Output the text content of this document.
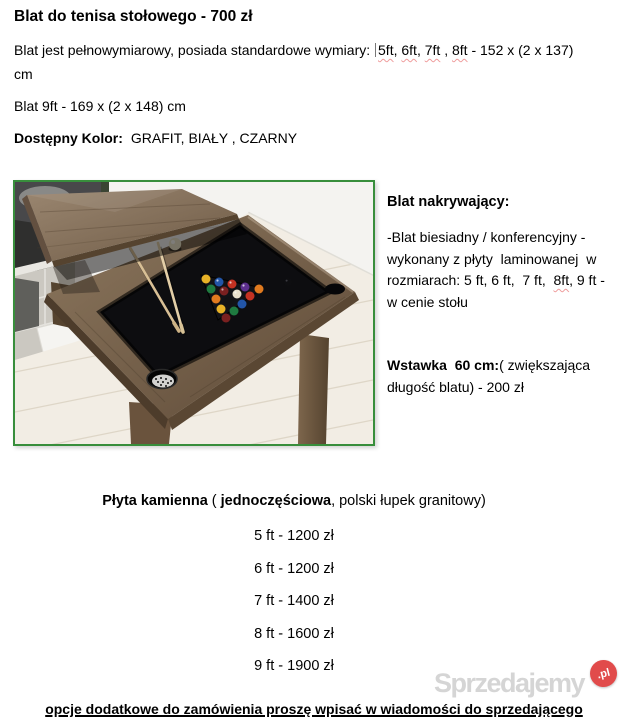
Blat do tenisa stołowego - 700 zł
Blat jest pełnowymiarowy, posiada standardowe wymiary: 5ft, 6ft, 7ft , 8ft - 152 x (2 x 137)
cm
Blat 9ft - 169 x (2 x 148) cm
Dostępny Kolor: GRAFIT, BIAŁY , CZARNY
Blat nakrywający:
-Blat biesiadny / konferencyjny - wykonany z płyty  laminowanej  w rozmiarach: 5 ft, 6 ft,  7 ft,  8ft, 9 ft - w cenie stołu
Wstawka  60 cm:( zwiększająca długość blatu) - 200 zł
Płyta kamienna ( jednoczęściowa, polski łupek granitowy)
5 ft - 1200 zł
6 ft - 1200 zł
7 ft - 1400 zł
8 ft - 1600 zł
9 ft - 1900 zł
Sprzedajemy .pl
opcje dodatkowe do zamówienia proszę wpisać w wiadomości do sprzedającego
